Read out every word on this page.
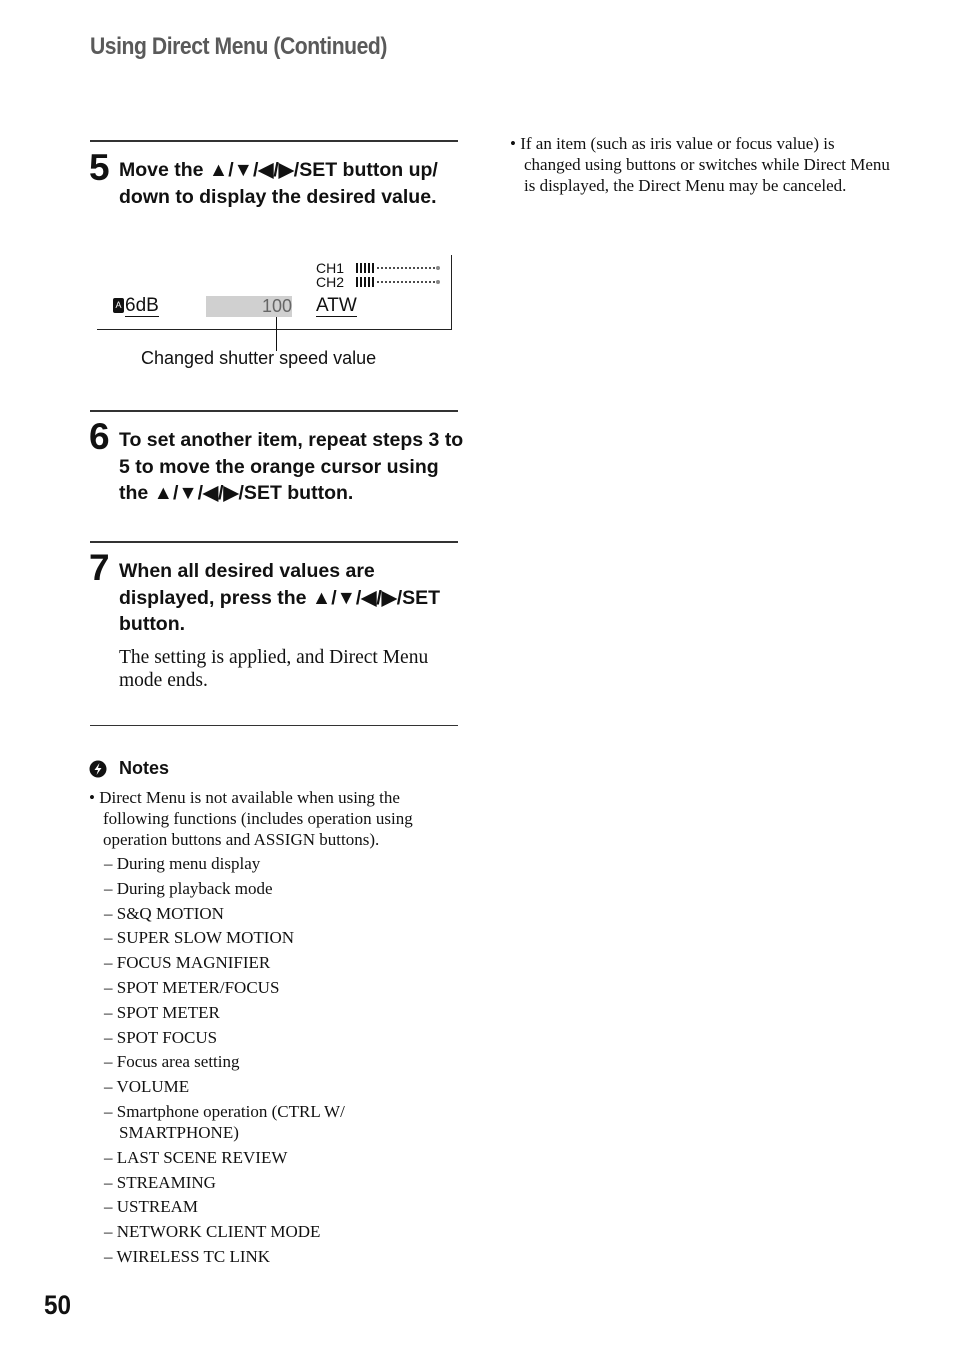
Using Direct Menu (Continued)
5 Move the ▲/▼/◀/▶/SET button up/ down to display the desired value.

CH1
CH2
A 6dB	100 ATW
Changed shutter speed value
6 To set another item, repeat steps 3 to 5 to move the orange cursor using the ▲/▼/◀/▶/SET button.

7 When all desired values are displayed, press the ▲/▼/◀/▶/SET button.

The setting is applied, and Direct Menu mode ends.

Notes

• Direct Menu is not available when using the following functions (includes operation using operation buttons and ASSIGN buttons).

– During menu display
– During playback mode
– S&Q MOTION
– SUPER SLOW MOTION
– FOCUS MAGNIFIER
– SPOT METER/FOCUS
– SPOT METER
– SPOT FOCUS
– Focus area setting
– VOLUME
– Smartphone operation (CTRL W/ SMARTPHONE)
– LAST SCENE REVIEW
– STREAMING
– USTREAM
– NETWORK CLIENT MODE
– WIRELESS TC LINK

• If an item (such as iris value or focus value) is changed using buttons or switches while Direct Menu is displayed, the Direct Menu may be canceled.

50
